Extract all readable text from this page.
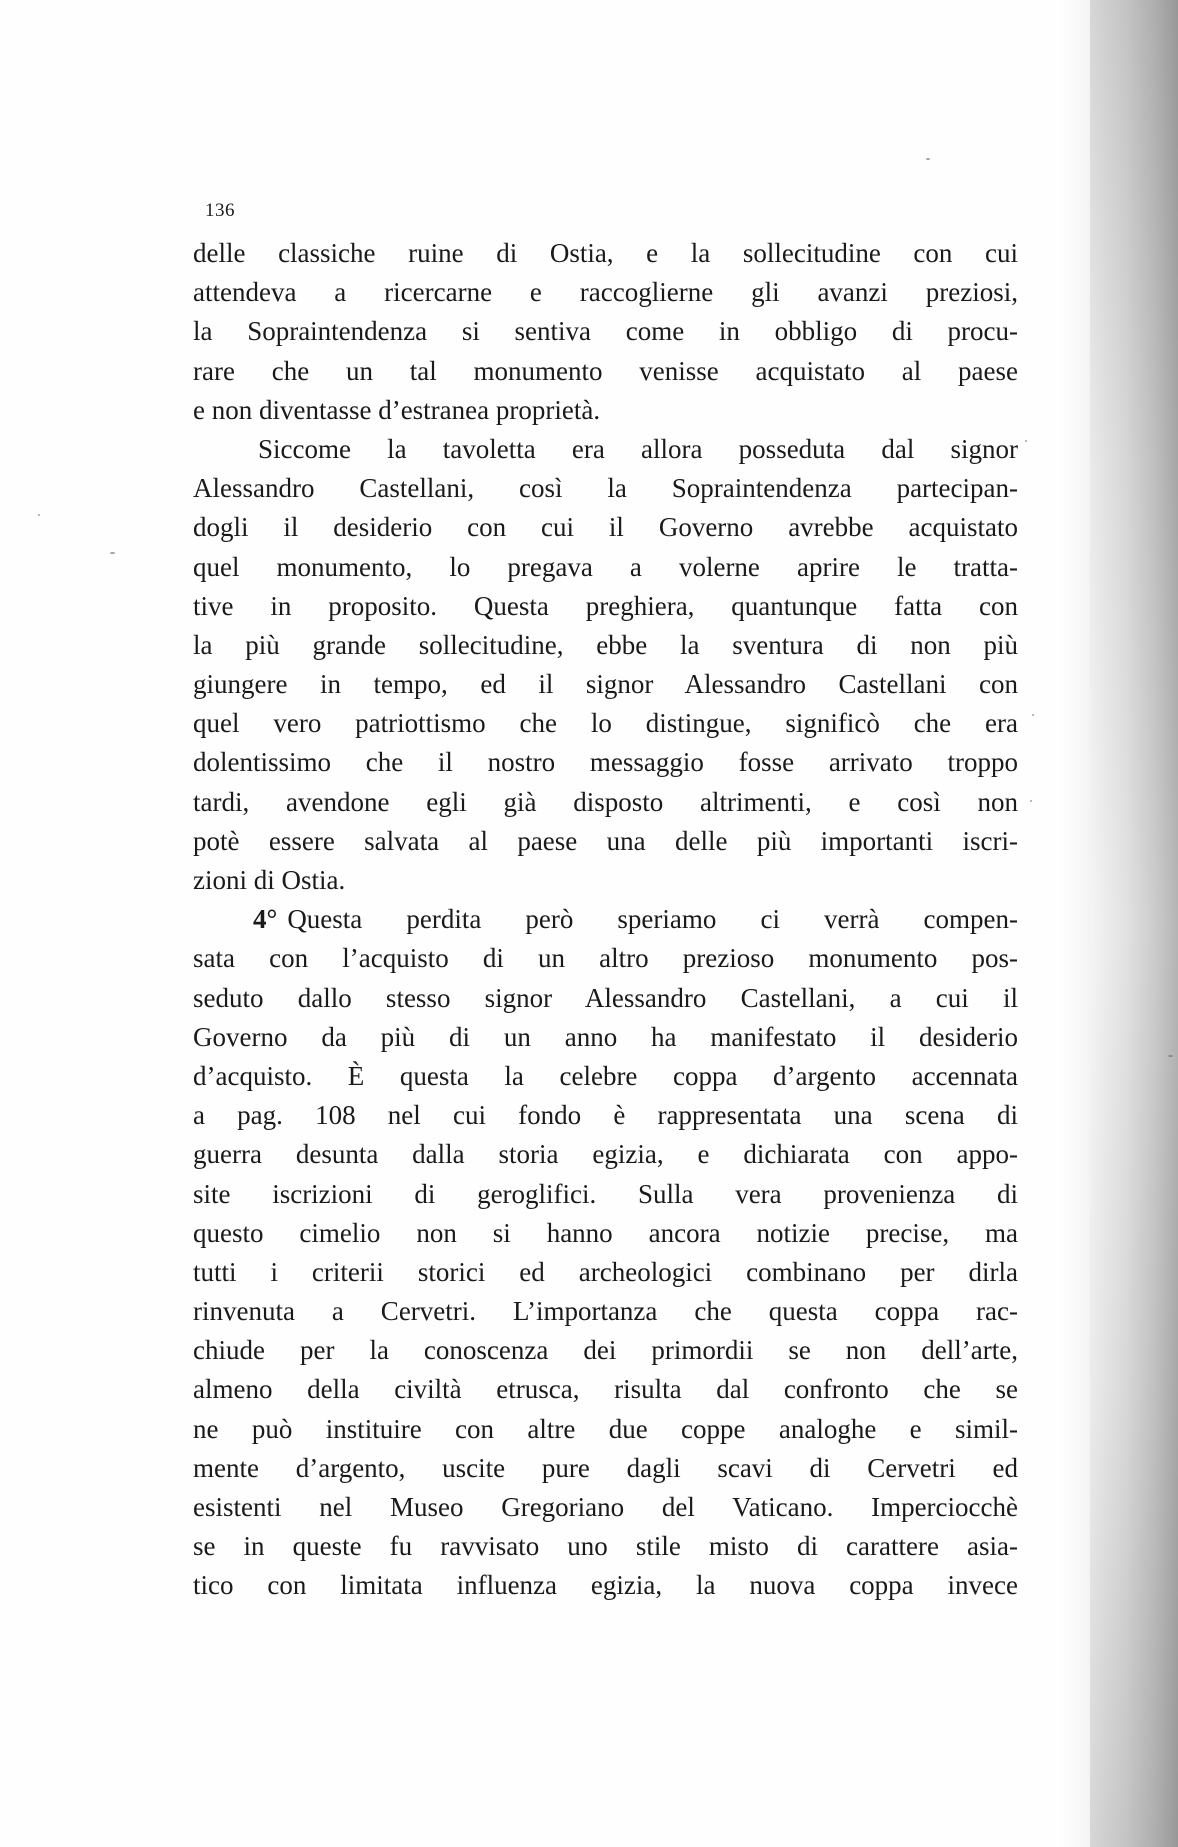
136
delle classiche ruine di Ostia, e la sollecitudine con cui
attendeva a ricercarne e raccoglierne gli avanzi preziosi,
la Sopraintendenza si sentiva come in obbligo di procu-
rare che un tal monumento venisse acquistato al paese
e non diventasse d’estranea proprietà.
Siccome la tavoletta era allora posseduta dal signor
Alessandro Castellani, così la Sopraintendenza partecipan-
dogli il desiderio con cui il Governo avrebbe acquistato
quel monumento, lo pregava a volerne aprire le tratta-
tive in proposito. Questa preghiera, quantunque fatta con
la più grande sollecitudine, ebbe la sventura di non più
giungere in tempo, ed il signor Alessandro Castellani con
quel vero patriottismo che lo distingue, significò che era
dolentissimo che il nostro messaggio fosse arrivato troppo
tardi, avendone egli già disposto altrimenti, e così non
potè essere salvata al paese una delle più importanti iscri-
zioni di Ostia.
4° Questa perdita però speriamo ci verrà compen-
sata con l’acquisto di un altro prezioso monumento pos-
seduto dallo stesso signor Alessandro Castellani, a cui il
Governo da più di un anno ha manifestato il desiderio
d’acquisto. È questa la celebre coppa d’argento accennata
a pag. 108 nel cui fondo è rappresentata una scena di
guerra desunta dalla storia egizia, e dichiarata con appo-
site iscrizioni di geroglifici. Sulla vera provenienza di
questo cimelio non si hanno ancora notizie precise, ma
tutti i criterii storici ed archeologici combinano per dirla
rinvenuta a Cervetri. L’importanza che questa coppa rac-
chiude per la conoscenza dei primordii se non dell’arte,
almeno della civiltà etrusca, risulta dal confronto che se
ne può instituire con altre due coppe analoghe e simil-
mente d’argento, uscite pure dagli scavi di Cervetri ed
esistenti nel Museo Gregoriano del Vaticano. Imperciocchè
se in queste fu ravvisato uno stile misto di carattere asia-
tico con limitata influenza egizia, la nuova coppa invece
